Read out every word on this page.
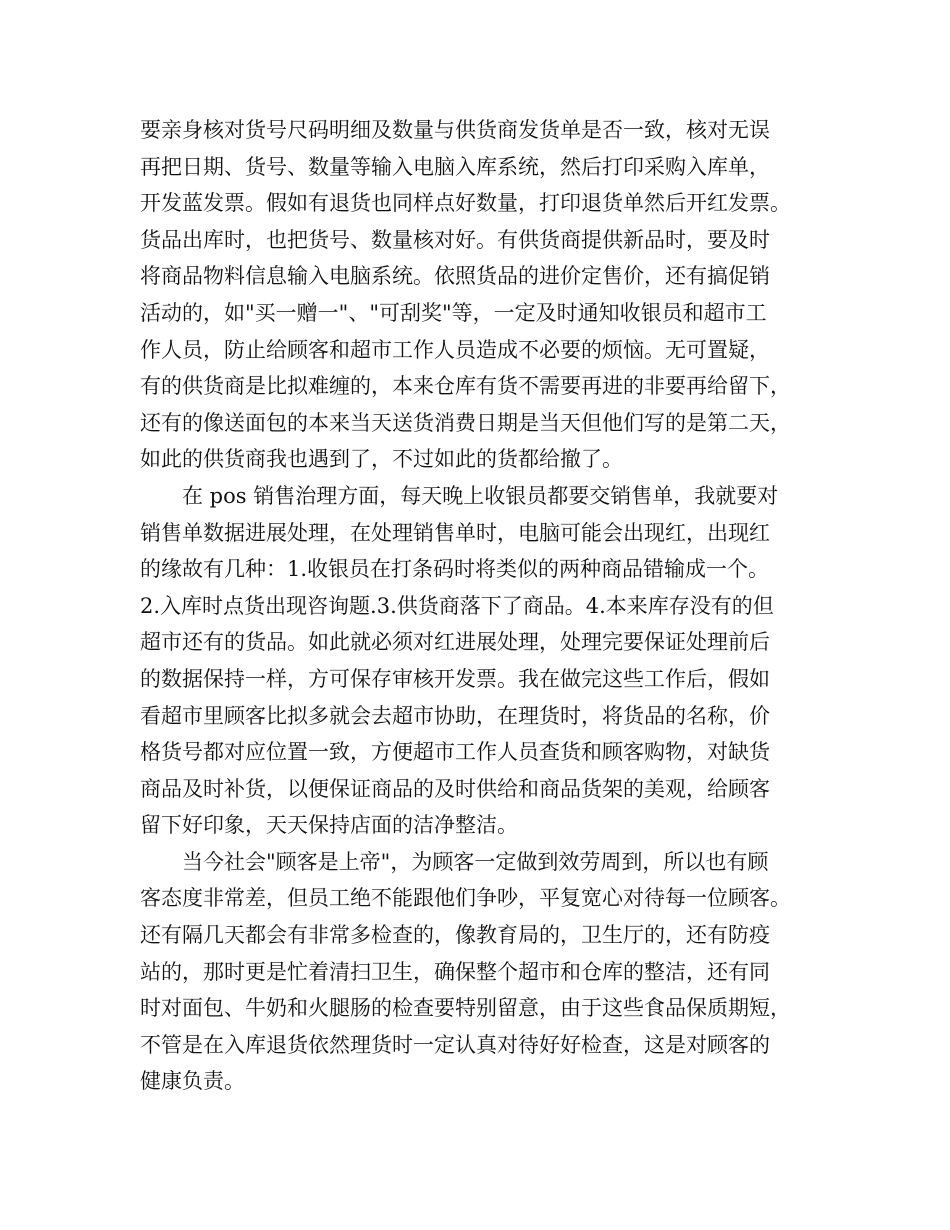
要亲身核对货号尺码明细及数量与供货商发货单是否一致，核对无误
再把日期、货号、数量等输入电脑入库系统，然后打印采购入库单，
开发蓝发票。假如有退货也同样点好数量，打印退货单然后开红发票。
货品出库时，也把货号、数量核对好。有供货商提供新品时，要及时
将商品物料信息输入电脑系统。依照货品的进价定售价，还有搞促销
活动的，如"买一赠一"、"可刮奖"等，一定及时通知收银员和超市工
作人员，防止给顾客和超市工作人员造成不必要的烦恼。无可置疑，
有的供货商是比拟难缠的，本来仓库有货不需要再进的非要再给留下，
还有的像送面包的本来当天送货消费日期是当天但他们写的是第二天，
如此的供货商我也遇到了，不过如此的货都给撤了。
　　在 pos 销售治理方面，每天晚上收银员都要交销售单，我就要对
销售单数据进展处理，在处理销售单时，电脑可能会出现红，出现红
的缘故有几种：1.收银员在打条码时将类似的两种商品错输成一个。
2.入库时点货出现咨询题.3.供货商落下了商品。4.本来库存没有的但
超市还有的货品。如此就必须对红进展处理，处理完要保证处理前后
的数据保持一样，方可保存审核开发票。我在做完这些工作后，假如
看超市里顾客比拟多就会去超市协助，在理货时，将货品的名称，价
格货号都对应位置一致，方便超市工作人员查货和顾客购物，对缺货
商品及时补货，以便保证商品的及时供给和商品货架的美观，给顾客
留下好印象，天天保持店面的洁净整洁。
　　当今社会"顾客是上帝"，为顾客一定做到效劳周到，所以也有顾
客态度非常差，但员工绝不能跟他们争吵，平复宽心对待每一位顾客。
还有隔几天都会有非常多检查的，像教育局的，卫生厅的，还有防疫
站的，那时更是忙着清扫卫生，确保整个超市和仓库的整洁，还有同
时对面包、牛奶和火腿肠的检查要特别留意，由于这些食品保质期短，
不管是在入库退货依然理货时一定认真对待好好检查，这是对顾客的
健康负责。
